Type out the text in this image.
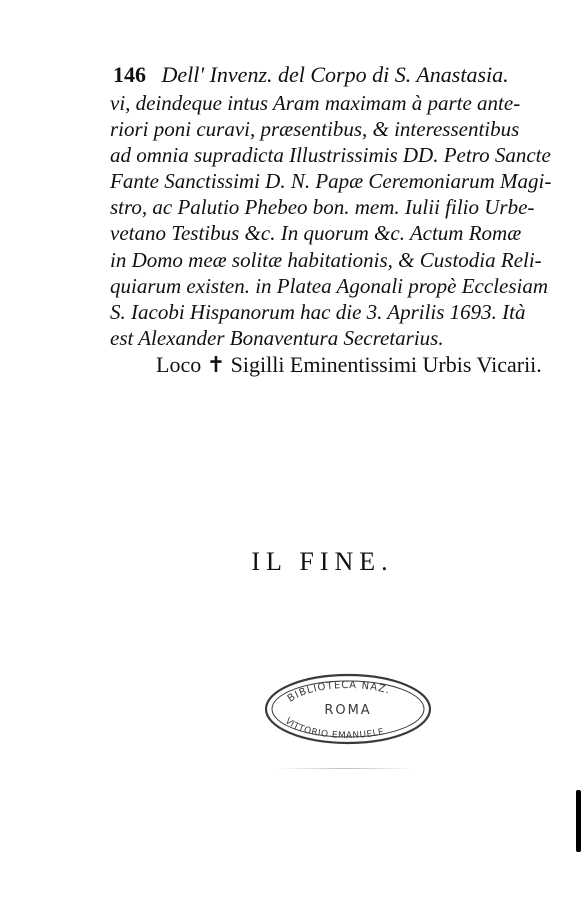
146 Dell' Invenz. del Corpo di S. Anastasia.
vi, deindeque intus Aram maximam à parte ante-
riori poni curavi, præsentibus, & interessentibus
ad omnia supradicta Illustrissimis DD. Petro Sancte
Fante Sanctissimi D. N. Papæ Ceremoniarum Magi-
stro, ac Palutio Phebeo bon. mem. Iulii filio Urbe-
vetano Testibus &c. In quorum &c. Actum Romæ
in Domo meæ solitæ habitationis, & Custodia Reli-
quiarum existen. in Platea Agonali propè Ecclesiam
S. Iacobi Hispanorum hac die 3. Aprilis 1693. Ità
est Alexander Bonaventura Secretarius.
Loco ✝ Sigilli Eminentissimi Urbis Vicarii.
IL FINE.
BIBLIOTECA NAZ.
ROMA
VITTORIO EMANUELE
